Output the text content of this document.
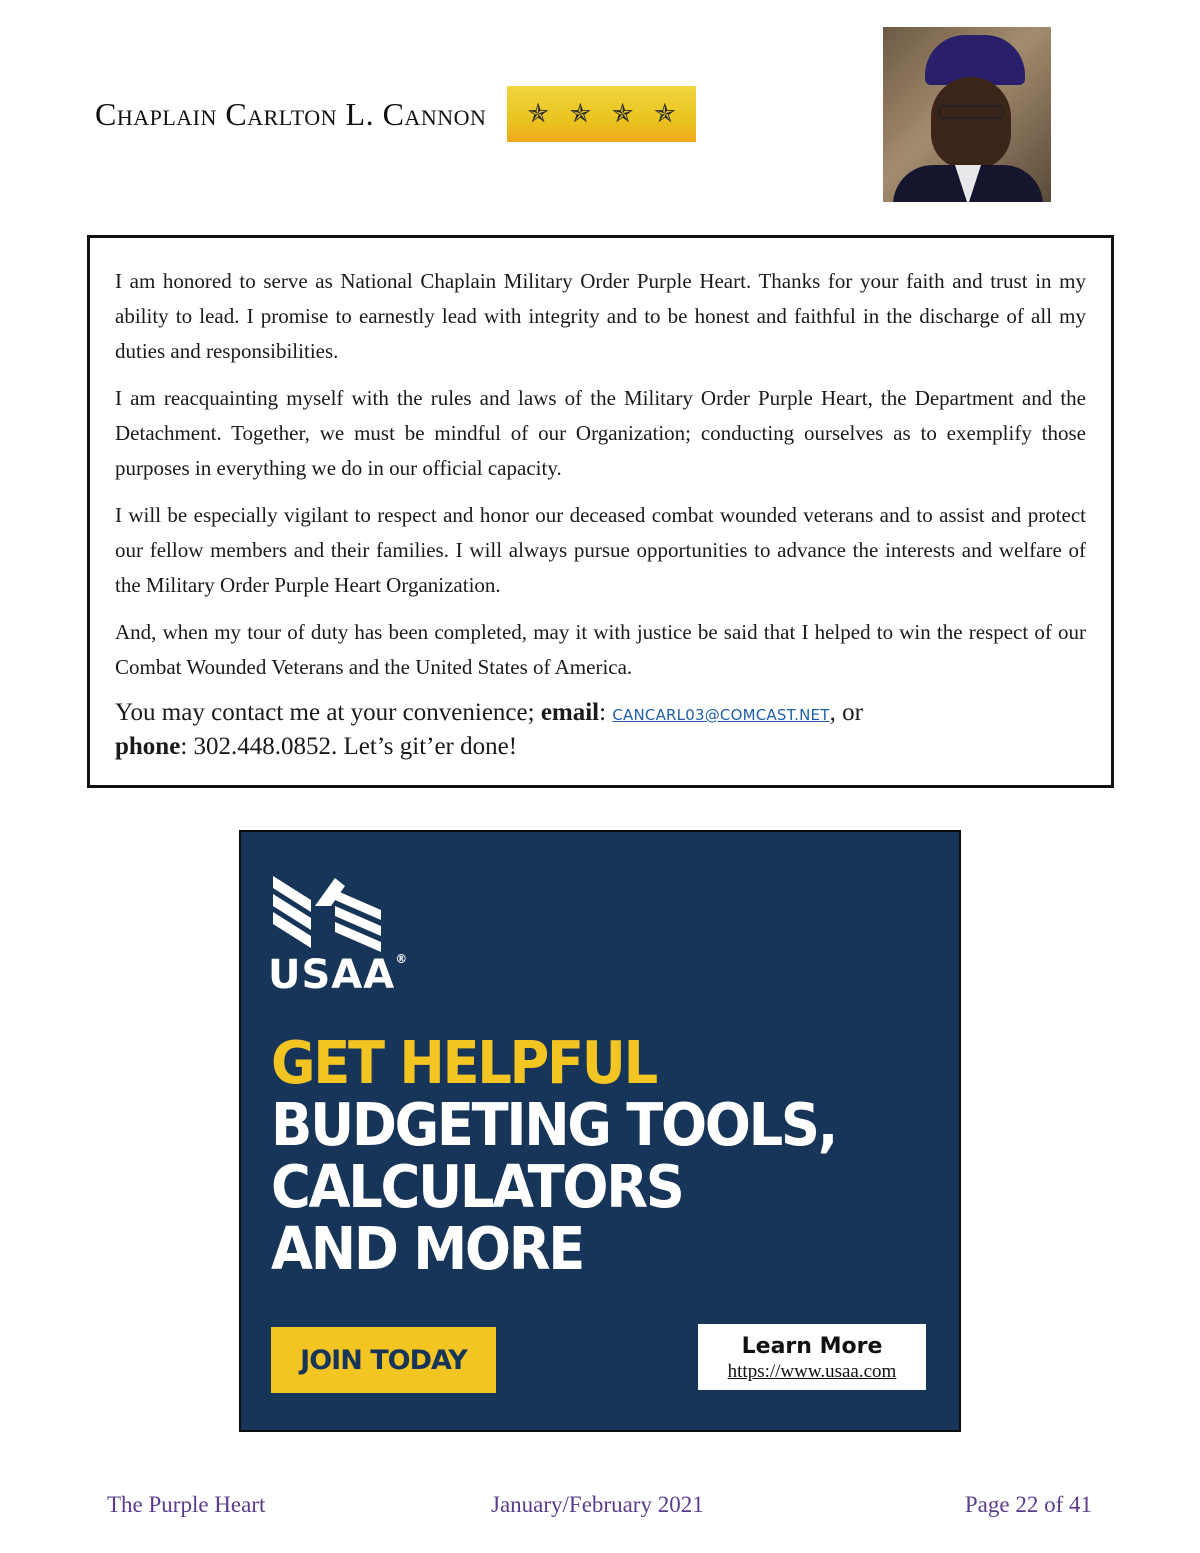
Chaplain Carlton L. Cannon ✯ ✯ ✯ ✯

I am honored to serve as National Chaplain Military Order Purple Heart. Thanks for your faith and trust in my ability to lead. I promise to earnestly lead with integrity and to be honest and faithful in the discharge of all my duties and responsibilities.

I am reacquainting myself with the rules and laws of the Military Order Purple Heart, the Department and the Detachment. Together, we must be mindful of our Organization; conducting ourselves as to exemplify those purposes in everything we do in our official capacity.

I will be especially vigilant to respect and honor our deceased combat wounded veterans and to assist and protect our fellow members and their families. I will always pursue opportunities to advance the interests and welfare of the Military Order Purple Heart Organization.

And, when my tour of duty has been completed, may it with justice be said that I helped to win the respect of our Combat Wounded Veterans and the United States of America.

You may contact me at your convenience; email: CANCARL03@COMCAST.NET, or
phone: 302.448.0852. Let’s git’er done!
USAA®
GET HELPFUL
BUDGETING TOOLS,
CALCULATORS
AND MORE
JOIN TODAY	Learn More
https://www.usaa.com
The Purple Heart	January/February 2021	Page 22 of 41
